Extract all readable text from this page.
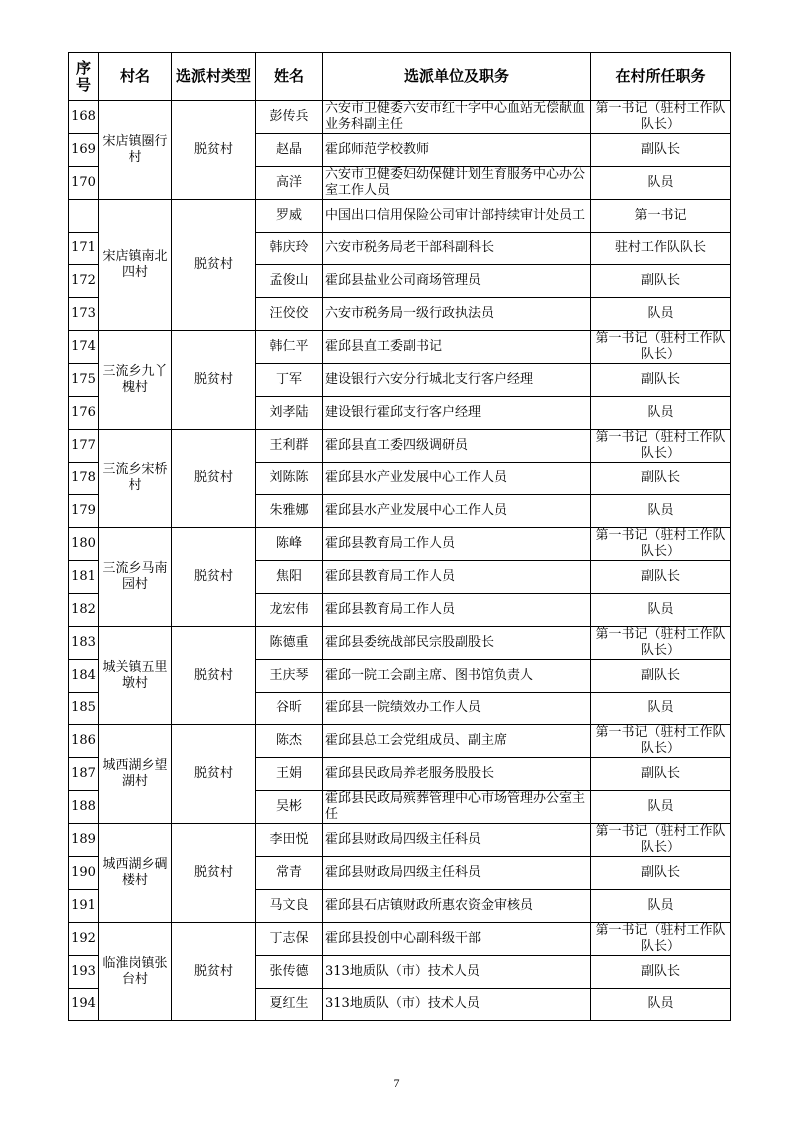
序号	村名	选派村类型	姓名	选派单位及职务	在村所任职务
168	宋店镇圈行村	脱贫村	彭传兵	六安市卫健委六安市红十字中心血站无偿献血业务科副主任	第一书记（驻村工作队队长）
169			赵晶	霍邱师范学校教师	副队长
170			高洋	六安市卫健委妇幼保健计划生育服务中心办公室工作人员	队员
	宋店镇南北四村	脱贫村	罗威	中国出口信用保险公司审计部持续审计处员工	第一书记
171			韩庆玲	六安市税务局老干部科副科长	驻村工作队队长
172			孟俊山	霍邱县盐业公司商场管理员	副队长
173			汪佼佼	六安市税务局一级行政执法员	队员
174	三流乡九丫槐村	脱贫村	韩仁平	霍邱县直工委副书记	第一书记（驻村工作队队长）
175			丁军	建设银行六安分行城北支行客户经理	副队长
176			刘孝陆	建设银行霍邱支行客户经理	队员
177	三流乡宋桥村	脱贫村	王利群	霍邱县直工委四级调研员	第一书记（驻村工作队队长）
178			刘陈陈	霍邱县水产业发展中心工作人员	副队长
179			朱雅娜	霍邱县水产业发展中心工作人员	队员
180	三流乡马南园村	脱贫村	陈峰	霍邱县教育局工作人员	第一书记（驻村工作队队长）
181			焦阳	霍邱县教育局工作人员	副队长
182			龙宏伟	霍邱县教育局工作人员	队员
183	城关镇五里墩村	脱贫村	陈德重	霍邱县委统战部民宗股副股长	第一书记（驻村工作队队长）
184			王庆琴	霍邱一院工会副主席、图书馆负责人	副队长
185			谷昕	霍邱县一院绩效办工作人员	队员
186	城西湖乡望湖村	脱贫村	陈杰	霍邱县总工会党组成员、副主席	第一书记（驻村工作队队长）
187			王娟	霍邱县民政局养老服务股股长	副队长
188			吴彬	霍邱县民政局殡葬管理中心市场管理办公室主任	队员
189	城西湖乡碉楼村	脱贫村	李田悦	霍邱县财政局四级主任科员	第一书记（驻村工作队队长）
190			常青	霍邱县财政局四级主任科员	副队长
191			马文良	霍邱县石店镇财政所惠农资金审核员	队员
192	临淮岗镇张台村	脱贫村	丁志保	霍邱县投创中心副科级干部	第一书记（驻村工作队队长）
193			张传德	313地质队（市）技术人员	副队长
194			夏红生	313地质队（市）技术人员	队员
7
